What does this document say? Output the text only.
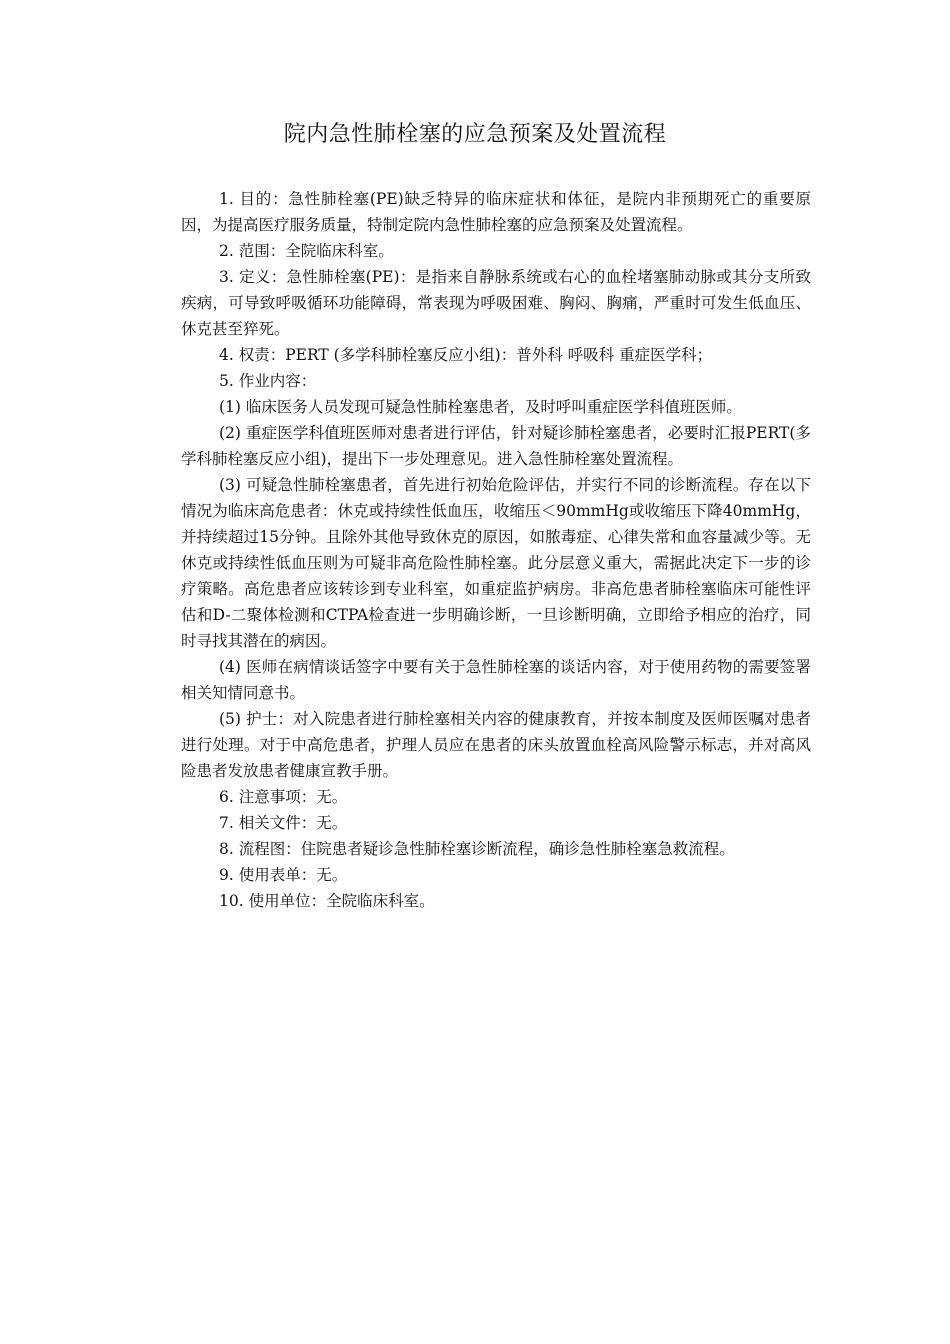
院内急性肺栓塞的应急预案及处置流程

1. 目的：急性肺栓塞(PE)缺乏特异的临床症状和体征，是院内非预期死亡的重要原因，为提高医疗服务质量，特制定院内急性肺栓塞的应急预案及处置流程。

2. 范围：全院临床科室。

3. 定义：急性肺栓塞(PE)：是指来自静脉系统或右心的血栓堵塞肺动脉或其分支所致疾病，可导致呼吸循环功能障碍，常表现为呼吸困难、胸闷、胸痛，严重时可发生低血压、休克甚至猝死。

4. 权责：PERT (多学科肺栓塞反应小组)：普外科 呼吸科 重症医学科；

5. 作业内容：

(1) 临床医务人员发现可疑急性肺栓塞患者，及时呼叫重症医学科值班医师。

(2) 重症医学科值班医师对患者进行评估，针对疑诊肺栓塞患者，必要时汇报PERT(多学科肺栓塞反应小组)，提出下一步处理意见。进入急性肺栓塞处置流程。

(3) 可疑急性肺栓塞患者，首先进行初始危险评估，并实行不同的诊断流程。存在以下情况为临床高危患者：休克或持续性低血压，收缩压＜90mmHg或收缩压下降40mmHg，并持续超过15分钟。且除外其他导致休克的原因，如脓毒症、心律失常和血容量减少等。无休克或持续性低血压则为可疑非高危险性肺栓塞。此分层意义重大，需据此决定下一步的诊疗策略。高危患者应该转诊到专业科室，如重症监护病房。非高危患者肺栓塞临床可能性评估和D-二聚体检测和CTPA检查进一步明确诊断，一旦诊断明确，立即给予相应的治疗，同时寻找其潜在的病因。

(4) 医师在病情谈话签字中要有关于急性肺栓塞的谈话内容，对于使用药物的需要签署相关知情同意书。

(5) 护士：对入院患者进行肺栓塞相关内容的健康教育，并按本制度及医师医嘱对患者进行处理。对于中高危患者，护理人员应在患者的床头放置血栓高风险警示标志，并对高风险患者发放患者健康宣教手册。

6. 注意事项：无。

7. 相关文件：无。

8. 流程图：住院患者疑诊急性肺栓塞诊断流程，确诊急性肺栓塞急救流程。

9. 使用表单：无。

10. 使用单位：全院临床科室。
